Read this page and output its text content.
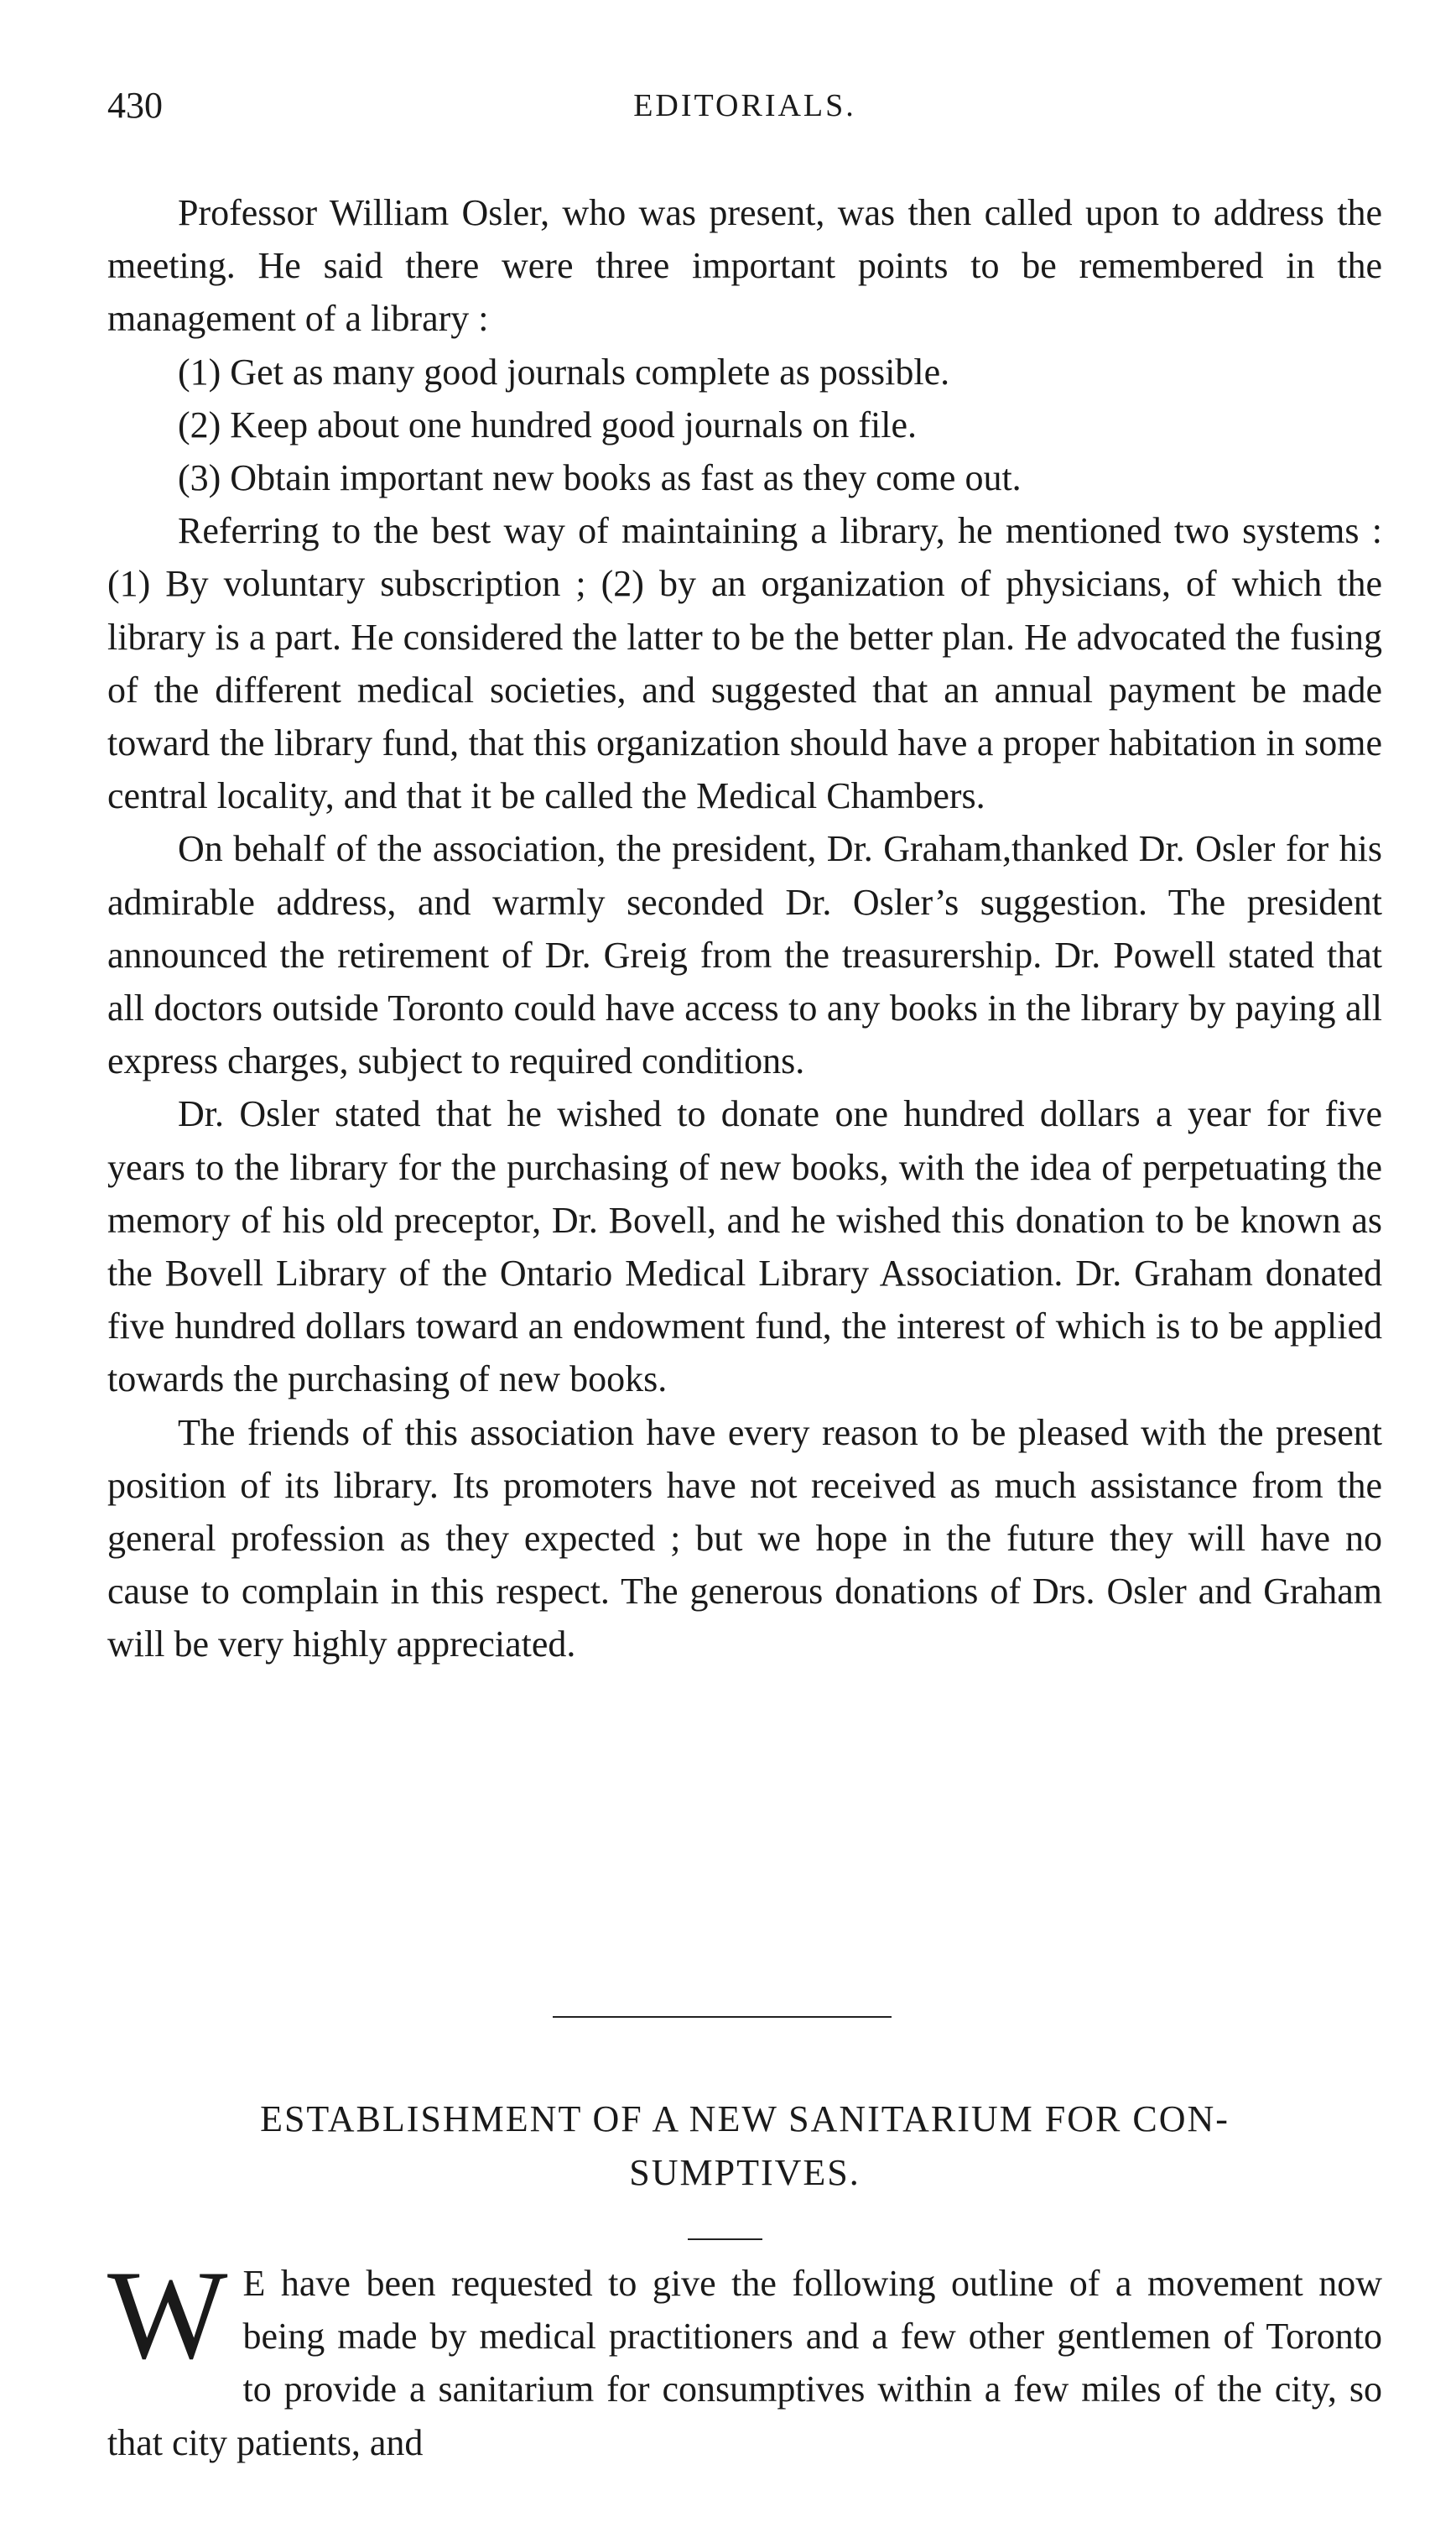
430	EDITORIALS.

Professor William Osler, who was present, was then called upon to address the meeting. He said there were three important points to be remembered in the management of a library :

(1) Get as many good journals complete as possible.

(2) Keep about one hundred good journals on file.

(3) Obtain important new books as fast as they come out.

Referring to the best way of maintaining a library, he mentioned two systems : (1) By voluntary subscription ; (2) by an organization of physicians, of which the library is a part. He considered the latter to be the better plan. He advocated the fusing of the different medical societies, and suggested that an annual payment be made toward the library fund, that this organization should have a proper habitation in some central locality, and that it be called the Medical Chambers.

On behalf of the association, the president, Dr. Graham,thanked Dr. Osler for his admirable address, and warmly seconded Dr. Osler’s suggestion. The president announced the retirement of Dr. Greig from the treasurership. Dr. Powell stated that all doctors outside Toronto could have access to any books in the library by paying all express charges, subject to required conditions.

Dr. Osler stated that he wished to donate one hundred dollars a year for five years to the library for the purchasing of new books, with the idea of perpetuating the memory of his old preceptor, Dr. Bovell, and he wished this donation to be known as the Bovell Library of the Ontario Medical Library Association. Dr. Graham donated five hundred dollars toward an endowment fund, the interest of which is to be applied towards the purchasing of new books.

The friends of this association have every reason to be pleased with the present position of its library. Its promoters have not received as much assistance from the general profession as they expected ; but we hope in the future they will have no cause to complain in this respect. The generous donations of Drs. Osler and Graham will be very highly appreciated.

ESTABLISHMENT OF A NEW SANITARIUM FOR CON-
SUMPTIVES.

W E have been requested to give the following outline of a movement now being made by medical practitioners and a few other gentlemen of Toronto to provide a sanitarium for consumptives within a few miles of the city, so that city patients, and
